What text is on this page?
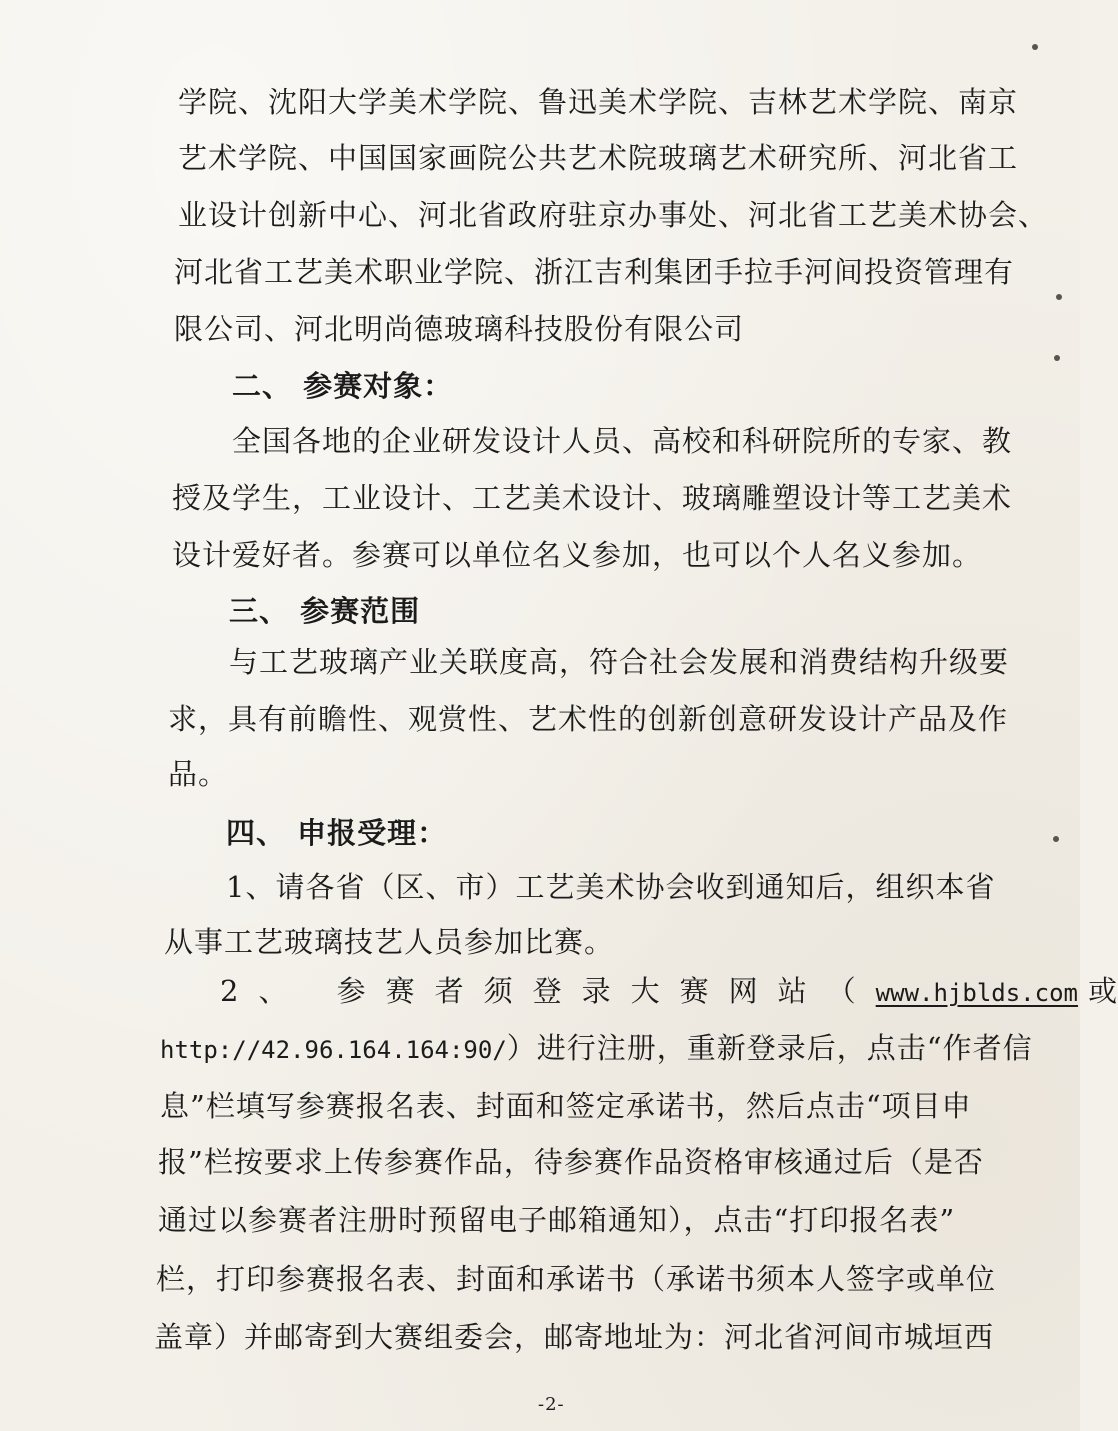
学院、沈阳大学美术学院、鲁迅美术学院、吉林艺术学院、南京
艺术学院、中国国家画院公共艺术院玻璃艺术研究所、河北省工
业设计创新中心、河北省政府驻京办事处、河北省工艺美术协会、
河北省工艺美术职业学院、浙江吉利集团手拉手河间投资管理有
限公司、河北明尚德玻璃科技股份有限公司
二、 参赛对象：
全国各地的企业研发设计人员、高校和科研院所的专家、教
授及学生，工业设计、工艺美术设计、玻璃雕塑设计等工艺美术
设计爱好者。参赛可以单位名义参加，也可以个人名义参加。
三、 参赛范围
与工艺玻璃产业关联度高，符合社会发展和消费结构升级要
求，具有前瞻性、观赏性、艺术性的创新创意研发设计产品及作
品。
四、 申报受理：
1、请各省（区、市）工艺美术协会收到通知后，组织本省
从事工艺玻璃技艺人员参加比赛。
2、 参赛者须登录大赛网站（www.hjblds.com 或
http://42.96.164.164:90/）进行注册，重新登录后，点击“作者信
息”栏填写参赛报名表、封面和签定承诺书，然后点击“项目申
报”栏按要求上传参赛作品，待参赛作品资格审核通过后（是否
通过以参赛者注册时预留电子邮箱通知），点击“打印报名表”
栏，打印参赛报名表、封面和承诺书（承诺书须本人签字或单位
盖章）并邮寄到大赛组委会，邮寄地址为：河北省河间市城垣西
-2-
